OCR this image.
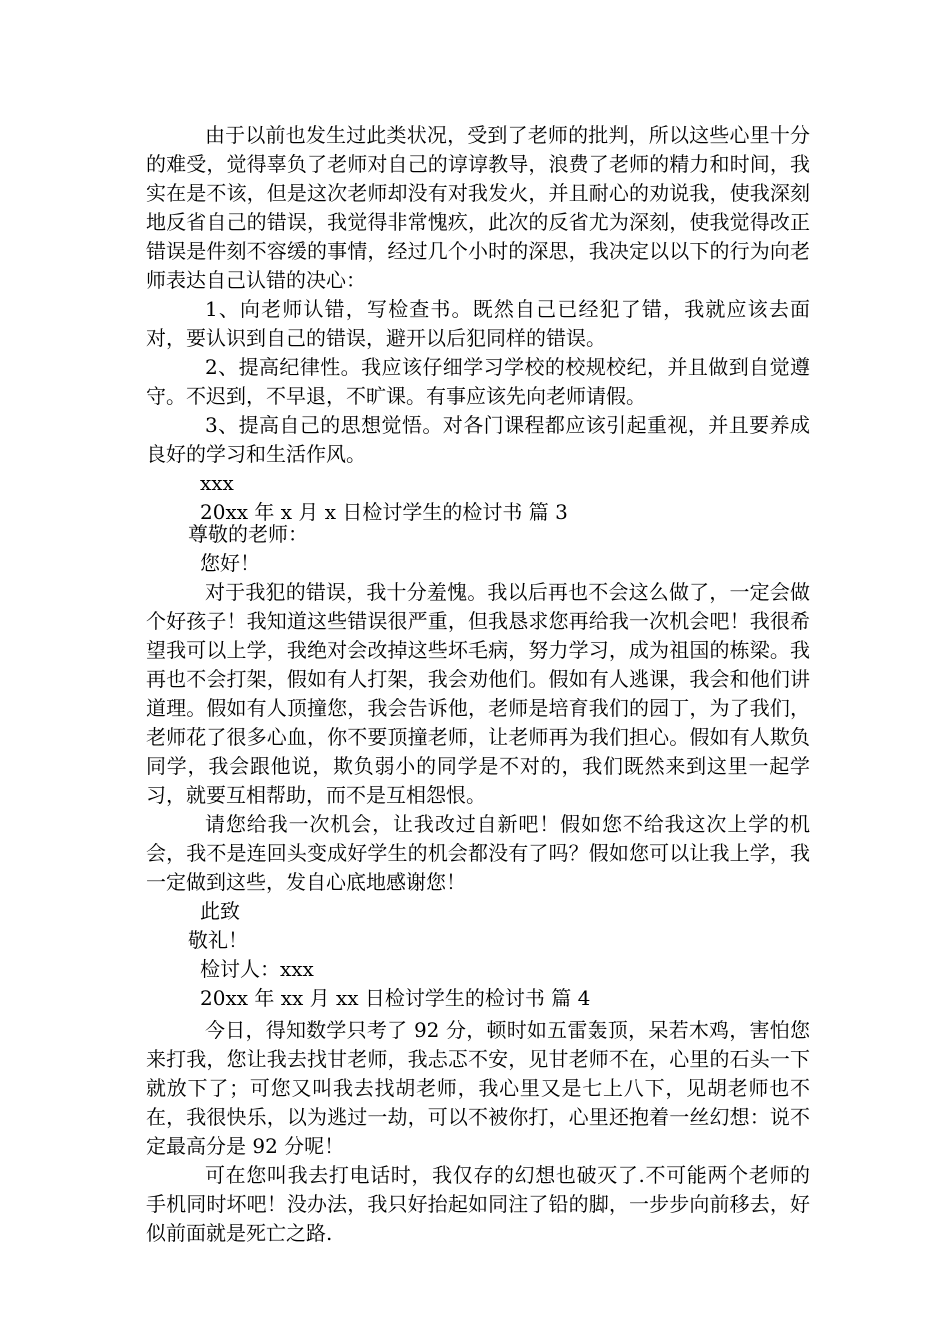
由于以前也发生过此类状况，受到了老师的批判，所以这些心里十分的难受，觉得辜负了老师对自己的谆谆教导，浪费了老师的精力和时间，我实在是不该，但是这次老师却没有对我发火，并且耐心的劝说我，使我深刻地反省自己的错误，我觉得非常愧疚，此次的反省尤为深刻，使我觉得改正错误是件刻不容缓的事情，经过几个小时的深思，我决定以以下的行为向老师表达自己认错的决心：

1、向老师认错，写检查书。既然自己已经犯了错，我就应该去面对，要认识到自己的错误，避开以后犯同样的错误。

2、提高纪律性。我应该仔细学习学校的校规校纪，并且做到自觉遵守。不迟到，不早退，不旷课。有事应该先向老师请假。

3、提高自己的思想觉悟。对各门课程都应该引起重视，并且要养成良好的学习和生活作风。

xxx

20xx 年 x 月 x 日检讨学生的检讨书 篇 3

尊敬的老师：

您好！

对于我犯的错误，我十分羞愧。我以后再也不会这么做了，一定会做个好孩子！我知道这些错误很严重，但我恳求您再给我一次机会吧！我很希望我可以上学，我绝对会改掉这些坏毛病，努力学习，成为祖国的栋梁。我再也不会打架，假如有人打架，我会劝他们。假如有人逃课，我会和他们讲道理。假如有人顶撞您，我会告诉他，老师是培育我们的园丁，为了我们，老师花了很多心血，你不要顶撞老师，让老师再为我们担心。假如有人欺负同学，我会跟他说，欺负弱小的同学是不对的，我们既然来到这里一起学习，就要互相帮助，而不是互相怨恨。

请您给我一次机会，让我改过自新吧！假如您不给我这次上学的机会，我不是连回头变成好学生的机会都没有了吗？假如您可以让我上学，我一定做到这些，发自心底地感谢您！

此致

敬礼！

检讨人：xxx

20xx 年 xx 月 xx 日检讨学生的检讨书 篇 4

今日，得知数学只考了 92 分，顿时如五雷轰顶，呆若木鸡，害怕您来打我，您让我去找甘老师，我忐忑不安，见甘老师不在，心里的石头一下就放下了；可您又叫我去找胡老师，我心里又是七上八下，见胡老师也不在，我很快乐，以为逃过一劫，可以不被你打，心里还抱着一丝幻想：说不定最高分是 92 分呢！

可在您叫我去打电话时，我仅存的幻想也破灭了.不可能两个老师的手机同时坏吧！没办法，我只好抬起如同注了铅的脚，一步步向前移去，好似前面就是死亡之路.
